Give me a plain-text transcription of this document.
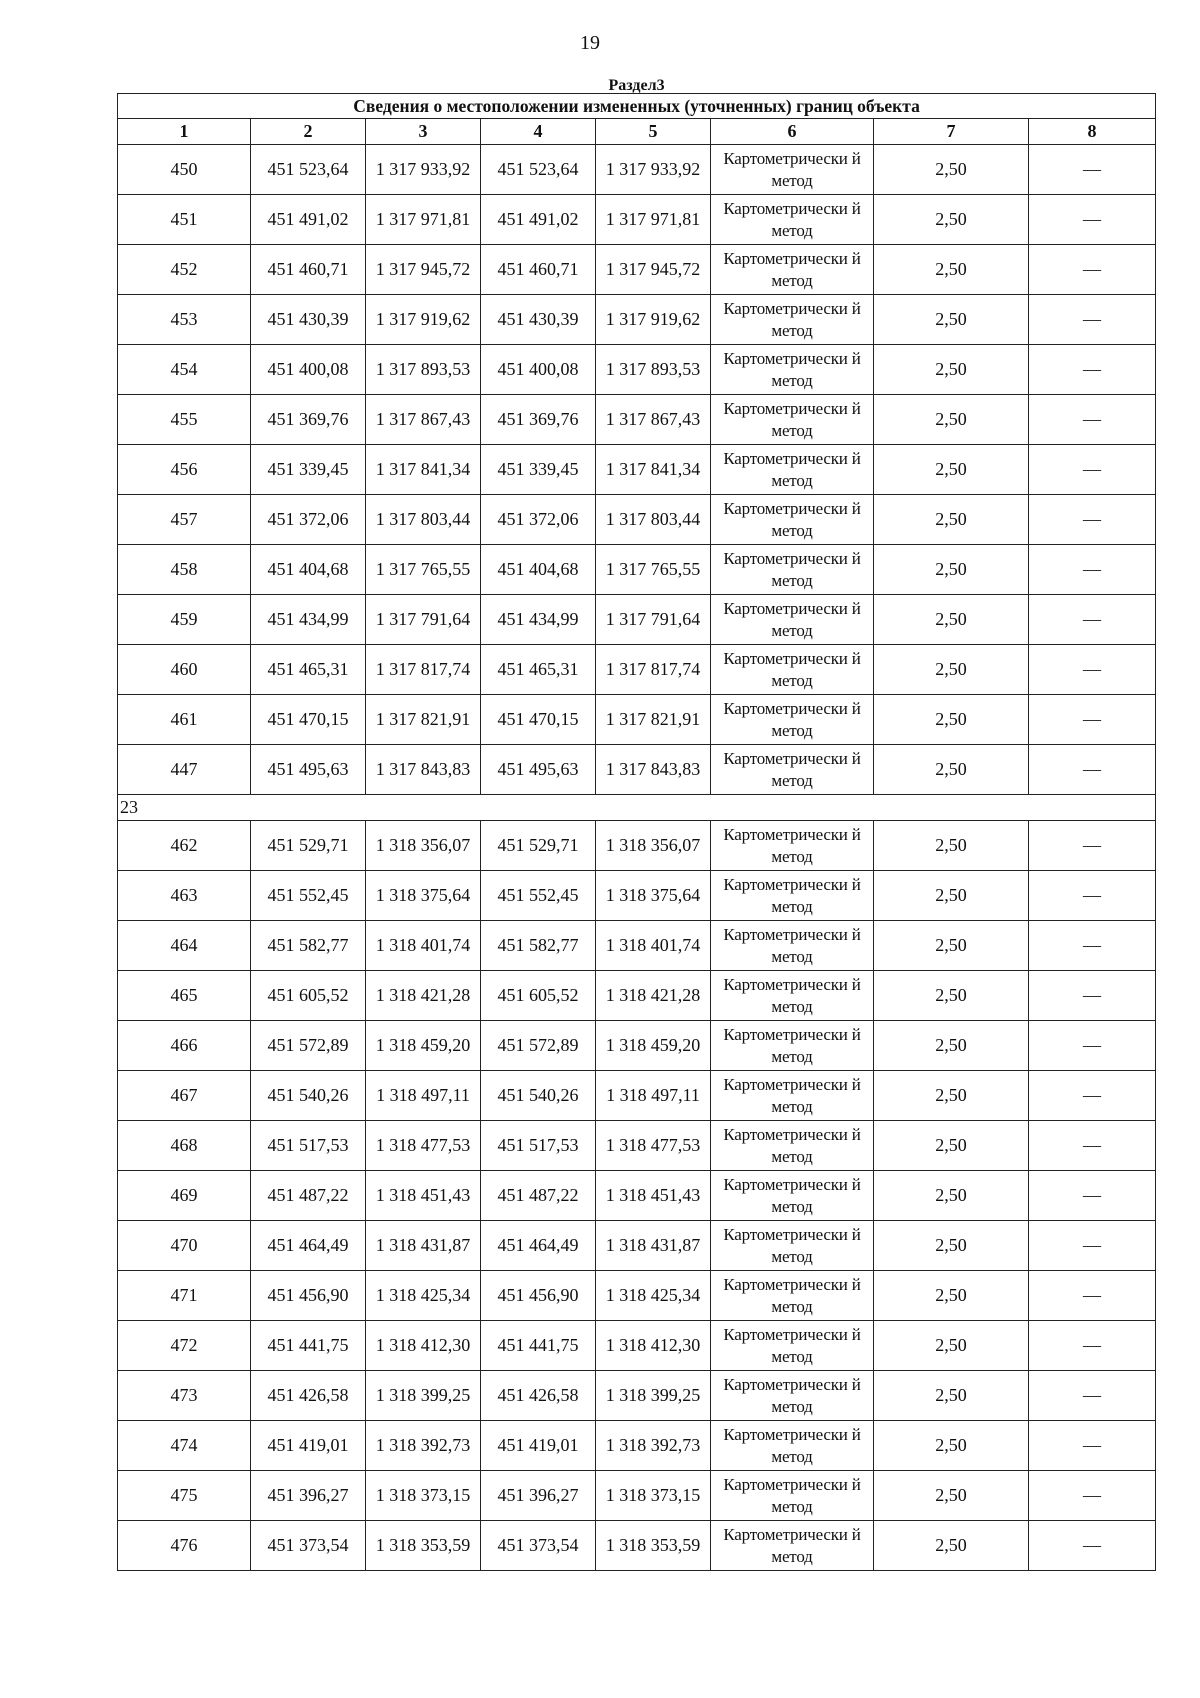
19
Раздел3							
Сведения о местоположении измененных (уточненных) границ объекта							
1	2	3	4	5	6	7	8
450	451 523,64	1 317 933,92	451 523,64	1 317 933,92	Картометрически й метод	2,50	—
451	451 491,02	1 317 971,81	451 491,02	1 317 971,81	Картометрически й метод	2,50	—
452	451 460,71	1 317 945,72	451 460,71	1 317 945,72	Картометрически й метод	2,50	—
453	451 430,39	1 317 919,62	451 430,39	1 317 919,62	Картометрически й метод	2,50	—
454	451 400,08	1 317 893,53	451 400,08	1 317 893,53	Картометрически й метод	2,50	—
455	451 369,76	1 317 867,43	451 369,76	1 317 867,43	Картометрически й метод	2,50	—
456	451 339,45	1 317 841,34	451 339,45	1 317 841,34	Картометрически й метод	2,50	—
457	451 372,06	1 317 803,44	451 372,06	1 317 803,44	Картометрически й метод	2,50	—
458	451 404,68	1 317 765,55	451 404,68	1 317 765,55	Картометрически й метод	2,50	—
459	451 434,99	1 317 791,64	451 434,99	1 317 791,64	Картометрически й метод	2,50	—
460	451 465,31	1 317 817,74	451 465,31	1 317 817,74	Картометрически й метод	2,50	—
461	451 470,15	1 317 821,91	451 470,15	1 317 821,91	Картометрически й метод	2,50	—
447	451 495,63	1 317 843,83	451 495,63	1 317 843,83	Картометрически й метод	2,50	—
23							
462	451 529,71	1 318 356,07	451 529,71	1 318 356,07	Картометрически й метод	2,50	—
463	451 552,45	1 318 375,64	451 552,45	1 318 375,64	Картометрически й метод	2,50	—
464	451 582,77	1 318 401,74	451 582,77	1 318 401,74	Картометрически й метод	2,50	—
465	451 605,52	1 318 421,28	451 605,52	1 318 421,28	Картометрически й метод	2,50	—
466	451 572,89	1 318 459,20	451 572,89	1 318 459,20	Картометрически й метод	2,50	—
467	451 540,26	1 318 497,11	451 540,26	1 318 497,11	Картометрически й метод	2,50	—
468	451 517,53	1 318 477,53	451 517,53	1 318 477,53	Картометрически й метод	2,50	—
469	451 487,22	1 318 451,43	451 487,22	1 318 451,43	Картометрически й метод	2,50	—
470	451 464,49	1 318 431,87	451 464,49	1 318 431,87	Картометрически й метод	2,50	—
471	451 456,90	1 318 425,34	451 456,90	1 318 425,34	Картометрически й метод	2,50	—
472	451 441,75	1 318 412,30	451 441,75	1 318 412,30	Картометрически й метод	2,50	—
473	451 426,58	1 318 399,25	451 426,58	1 318 399,25	Картометрически й метод	2,50	—
474	451 419,01	1 318 392,73	451 419,01	1 318 392,73	Картометрически й метод	2,50	—
475	451 396,27	1 318 373,15	451 396,27	1 318 373,15	Картометрически й метод	2,50	—
476	451 373,54	1 318 353,59	451 373,54	1 318 353,59	Картометрически й метод	2,50	—
